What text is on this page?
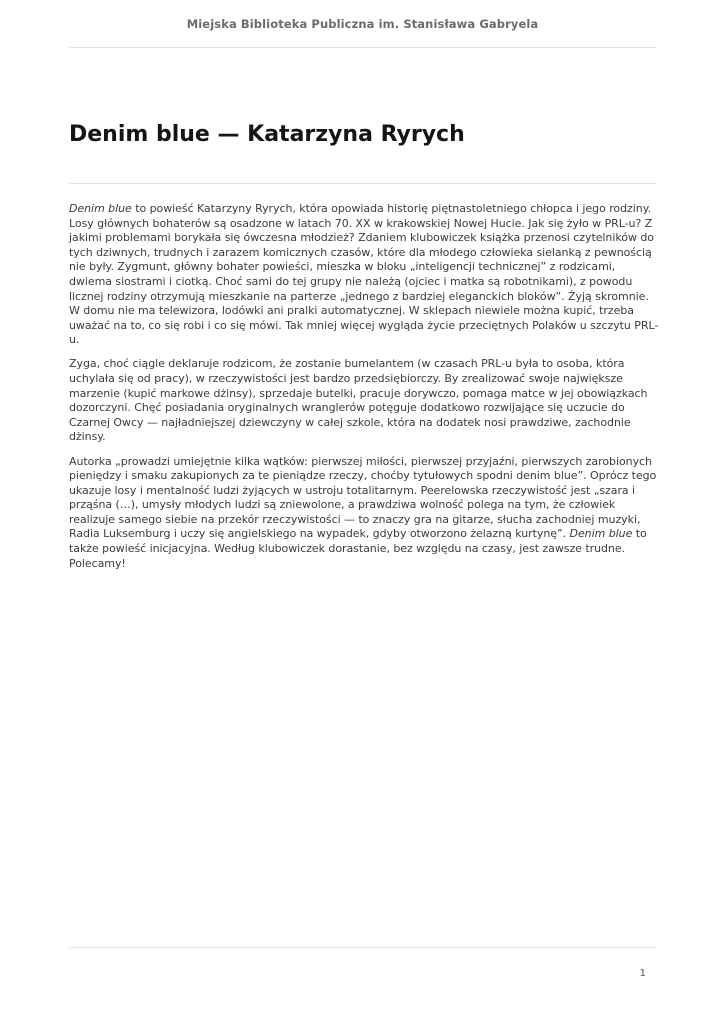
Miejska Biblioteka Publiczna im. Stanisława Gabryela
Denim blue — Katarzyna Ryrych

Denim blue to powieść Katarzyny Ryrych, która opowiada historię piętnastoletniego chłopca i jego rodziny. Losy głównych bohaterów są osadzone w latach 70. XX w krakowskiej Nowej Hucie. Jak się żyło w PRL-u? Z jakimi problemami borykała się ówczesna młodzież? Zdaniem klubowiczek książka przenosi czytelników do tych dziwnych, trudnych i zarazem komicznych czasów, które dla młodego człowieka sielanką z pewnością nie były. Zygmunt, główny bohater powieści, mieszka w bloku „inteligencji technicznej” z rodzicami, dwiema siostrami i ciotką. Choć sami do tej grupy nie należą (ojciec i matka są robotnikami), z powodu licznej rodziny otrzymują mieszkanie na parterze „jednego z bardziej eleganckich bloków”. Żyją skromnie. W domu nie ma telewizora, lodówki ani pralki automatycznej. W sklepach niewiele można kupić, trzeba uważać na to, co się robi i co się mówi. Tak mniej więcej wygląda życie przeciętnych Polaków u szczytu PRL-u.

Zyga, choć ciągle deklaruje rodzicom, że zostanie bumelantem (w czasach PRL-u była to osoba, która uchylała się od pracy), w rzeczywistości jest bardzo przedsiębiorczy. By zrealizować swoje największe marzenie (kupić markowe dżinsy), sprzedaje butelki, pracuje dorywczo, pomaga matce w jej obowiązkach dozorczyni. Chęć posiadania oryginalnych wranglerów potęguje dodatkowo rozwijające się uczucie do Czarnej Owcy — najładniejszej dziewczyny w całej szkole, która na dodatek nosi prawdziwe, zachodnie dżinsy.

Autorka „prowadzi umiejętnie kilka wątków: pierwszej miłości, pierwszej przyjaźni, pierwszych zarobionych pieniędzy i smaku zakupionych za te pieniądze rzeczy, choćby tytułowych spodni denim blue”. Oprócz tego ukazuje losy i mentalność ludzi żyjących w ustroju totalitarnym. Peerelowska rzeczywistość jest „szara i prząśna (…), umysły młodych ludzi są zniewolone, a prawdziwa wolność polega na tym, że człowiek realizuje samego siebie na przekór rzeczywistości — to znaczy gra na gitarze, słucha zachodniej muzyki, Radia Luksemburg i uczy się angielskiego na wypadek, gdyby otworzono żelazną kurtynę”. Denim blue to także powieść inicjacyjna. Według klubowiczek dorastanie, bez względu na czasy, jest zawsze trudne. Polecamy!

1
